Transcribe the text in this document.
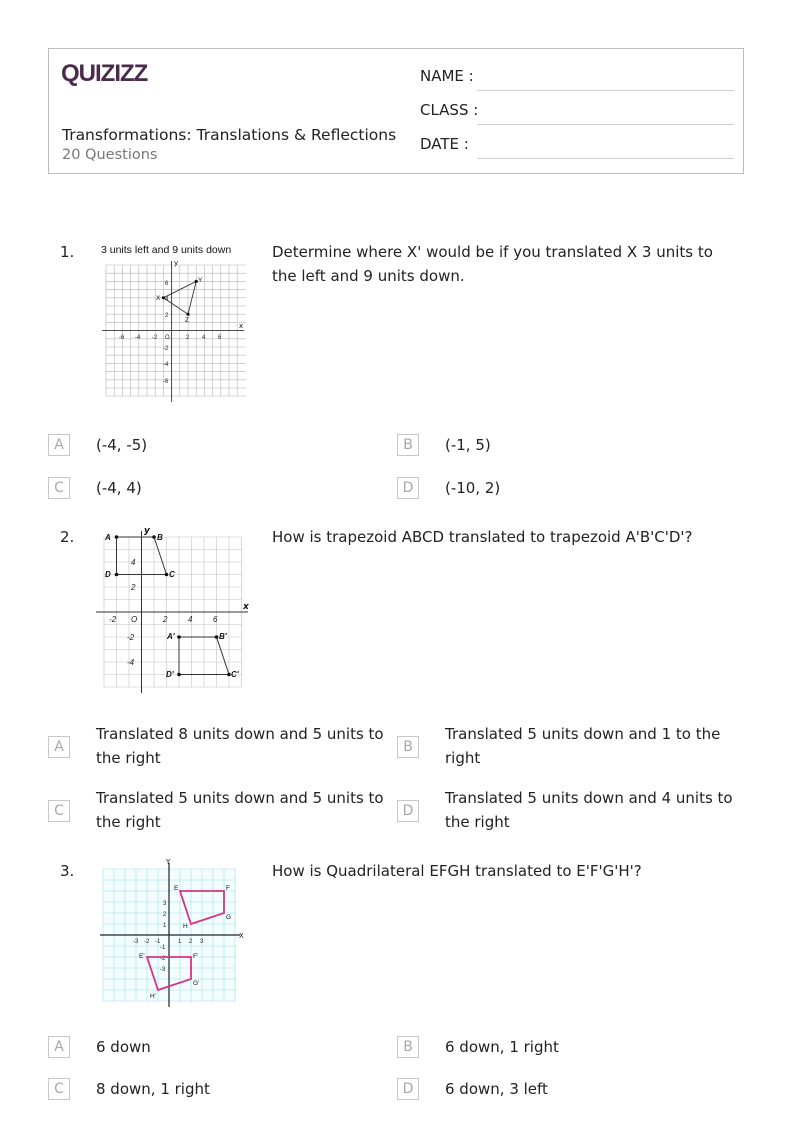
QUIZIZZ
Transformations: Translations & Reflections
20 Questions
NAME :
CLASS :
DATE :
1.	3 units left and 9 units down
x
y
-6 -4 -2 O	2 4 6
6
4
2
-2
-4
-6
X
Y
Z
Determine where X' would be if you translated X 3 units to the left and 9 units down.
A	(-4, -5)	B	(-1, 5)
C	(-4, 4)	D	(-10, 2)
2.
x
y
-2 O	2	4	6
4
2
-2
-4
A	B
C
D
A'	B'
C'
D'
How is trapezoid ABCD translated to trapezoid A'B'C'D'?
A
Translated 8 units down and 5 units to the right
B
Translated 5 units down and 1 to the right
C
Translated 5 units down and 5 units to the right
D
Translated 5 units down and 4 units to the right
3.
X
Y
-3 -2 -1	1 2 3
3
2
1
-1
-2
-3
E	F
G
H
E'	F'
G'
H'
How is Quadrilateral EFGH translated to E'F'G'H'?
A	6 down	B	6 down, 1 right
C	8 down, 1 right	D	6 down, 3 left
